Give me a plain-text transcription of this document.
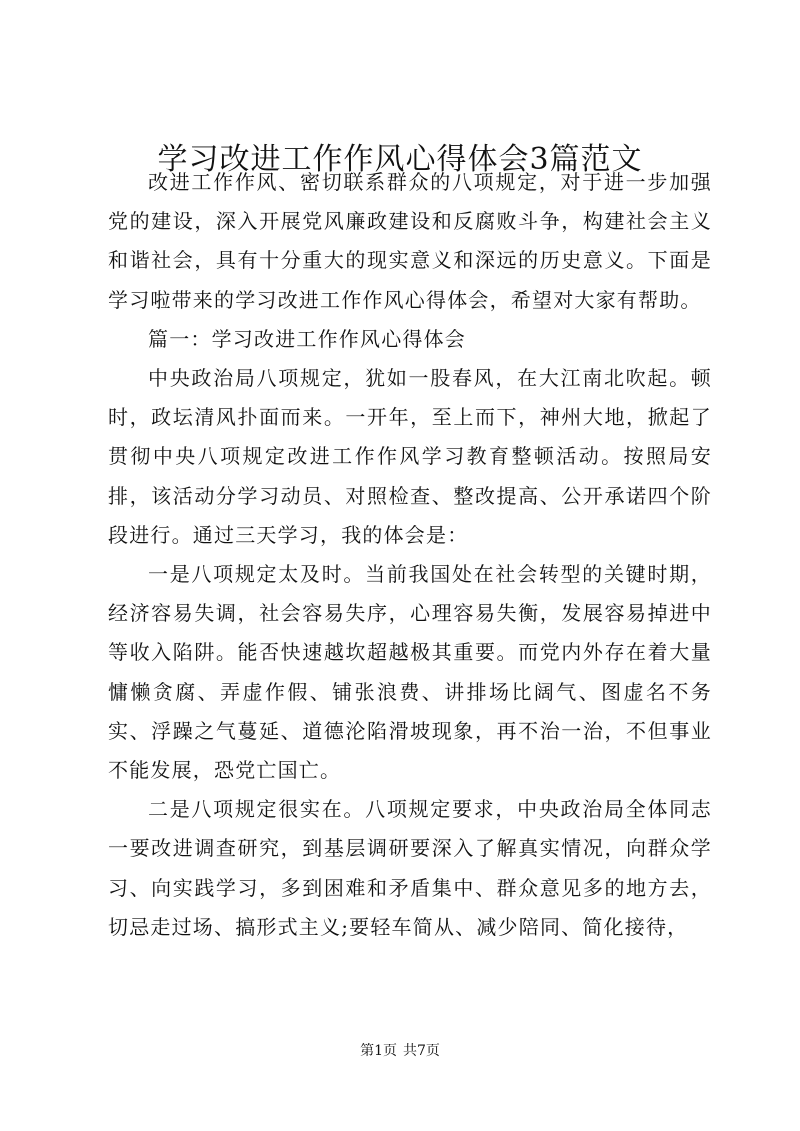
学习改进工作作风心得体会3篇范文

改进工作作风、密切联系群众的八项规定，对于进一步加强党的建设，深入开展党风廉政建设和反腐败斗争，构建社会主义和谐社会，具有十分重大的现实意义和深远的历史意义。下面是学习啦带来的学习改进工作作风心得体会，希望对大家有帮助。

篇一：学习改进工作作风心得体会

中央政治局八项规定，犹如一股春风，在大江南北吹起。顿时，政坛清风扑面而来。一开年，至上而下，神州大地，掀起了贯彻中央八项规定改进工作作风学习教育整顿活动。按照局安排，该活动分学习动员、对照检查、整改提高、公开承诺四个阶段进行。通过三天学习，我的体会是：

一是八项规定太及时。当前我国处在社会转型的关键时期，经济容易失调，社会容易失序，心理容易失衡，发展容易掉进中等收入陷阱。能否快速越坎超越极其重要。而党内外存在着大量慵懒贪腐、弄虚作假、铺张浪费、讲排场比阔气、图虚名不务实、浮躁之气蔓延、道德沦陷滑坡现象，再不治一治，不但事业不能发展，恐党亡国亡。

二是八项规定很实在。八项规定要求，中央政治局全体同志一要改进调查研究，到基层调研要深入了解真实情况，向群众学习、向实践学习，多到困难和矛盾集中、群众意见多的地方去，切忌走过场、搞形式主义;要轻车简从、减少陪同、简化接待，

第1页 共7页
